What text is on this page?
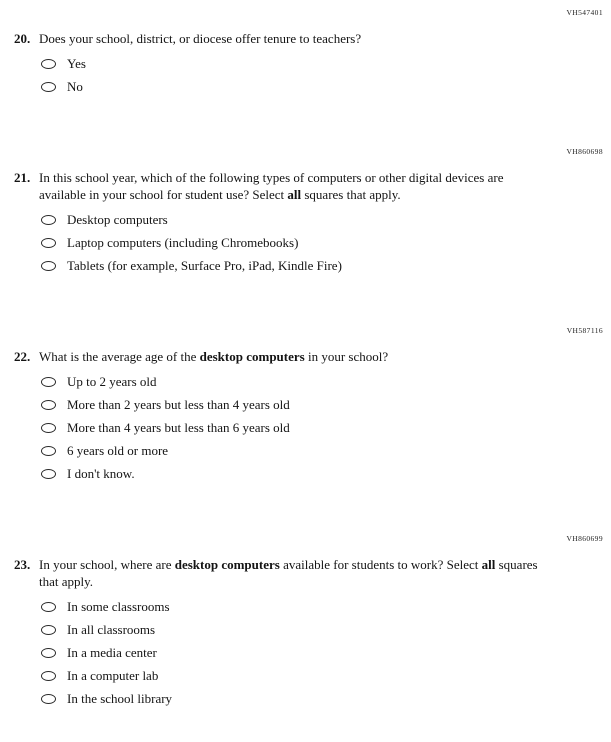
VH547401
20. Does your school, district, or diocese offer tenure to teachers?
Yes
No
VH860698
21. In this school year, which of the following types of computers or other digital devices are available in your school for student use? Select all squares that apply.
Desktop computers
Laptop computers (including Chromebooks)
Tablets (for example, Surface Pro, iPad, Kindle Fire)
VH587116
22. What is the average age of the desktop computers in your school?
Up to 2 years old
More than 2 years but less than 4 years old
More than 4 years but less than 6 years old
6 years old or more
I don't know.
VH860699
23. In your school, where are desktop computers available for students to work? Select all squares that apply.
In some classrooms
In all classrooms
In a media center
In a computer lab
In the school library
